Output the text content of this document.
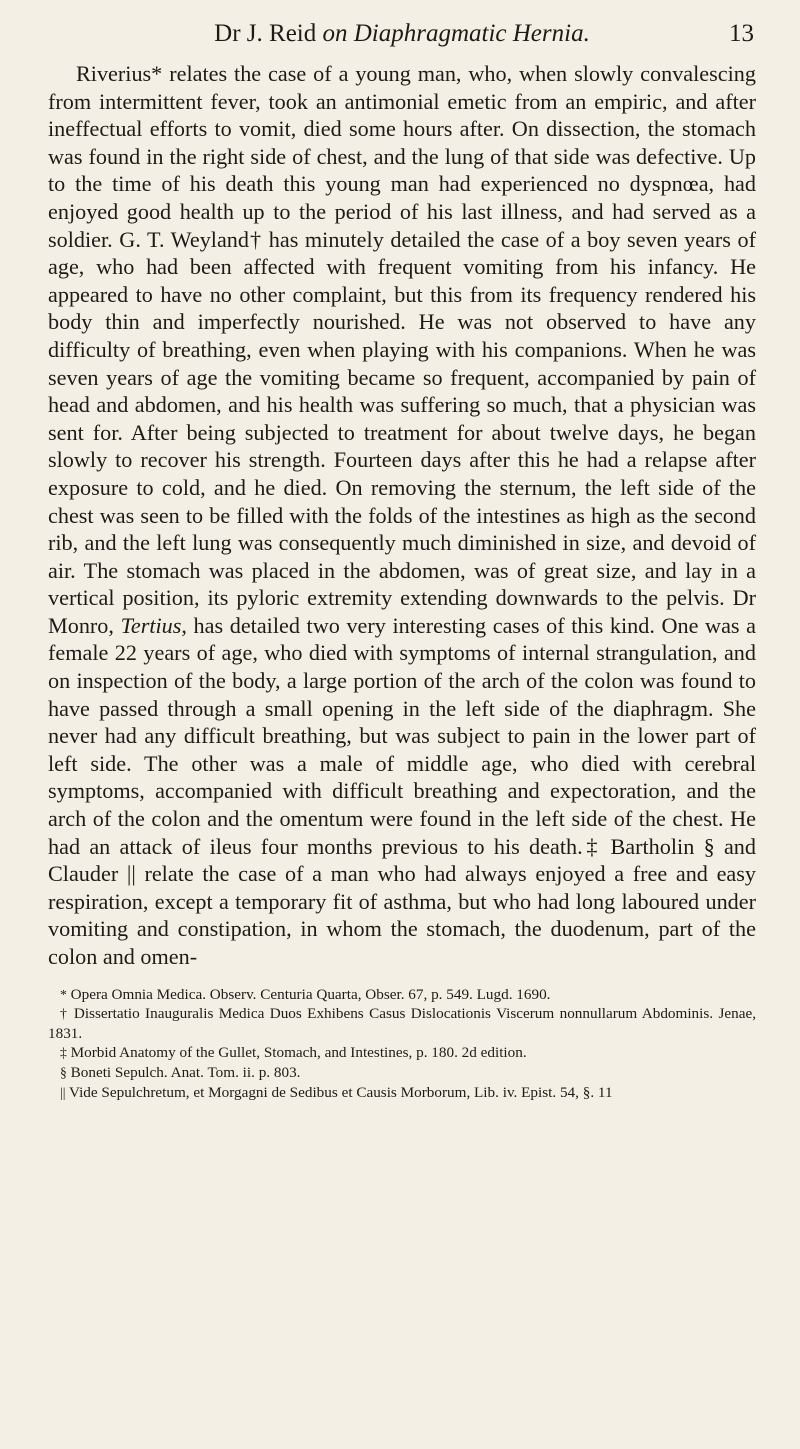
Dr J. Reid on Diaphragmatic Hernia.	13

Riverius* relates the case of a young man, who, when slowly convalescing from intermittent fever, took an antimonial emetic from an empiric, and after ineffectual efforts to vomit, died some hours after. On dissection, the stomach was found in the right side of chest, and the lung of that side was defective. Up to the time of his death this young man had experienced no dyspnœa, had enjoyed good health up to the period of his last illness, and had served as a soldier. G. T. Weyland† has minutely detailed the case of a boy seven years of age, who had been affected with frequent vomiting from his infancy. He appeared to have no other complaint, but this from its frequency rendered his body thin and imperfectly nourished. He was not observed to have any difficulty of breathing, even when playing with his companions. When he was seven years of age the vomiting became so frequent, accompanied by pain of head and abdomen, and his health was suffering so much, that a physician was sent for. After being subjected to treatment for about twelve days, he began slowly to recover his strength. Fourteen days after this he had a relapse after exposure to cold, and he died. On removing the sternum, the left side of the chest was seen to be filled with the folds of the intestines as high as the second rib, and the left lung was consequently much diminished in size, and devoid of air. The stomach was placed in the abdomen, was of great size, and lay in a vertical position, its pyloric extremity extending downwards to the pelvis. Dr Monro, Tertius, has detailed two very interesting cases of this kind. One was a female 22 years of age, who died with symptoms of internal strangulation, and on inspection of the body, a large portion of the arch of the colon was found to have passed through a small opening in the left side of the diaphragm. She never had any difficult breathing, but was subject to pain in the lower part of left side. The other was a male of middle age, who died with cerebral symptoms, accompanied with difficult breathing and expectoration, and the arch of the colon and the omentum were found in the left side of the chest. He had an attack of ileus four months previous to his death.‡ Bartholin § and Clauder || relate the case of a man who had always enjoyed a free and easy respiration, except a temporary fit of asthma, but who had long laboured under vomiting and constipation, in whom the stomach, the duodenum, part of the colon and omen-

* Opera Omnia Medica. Observ. Centuria Quarta, Obser. 67, p. 549. Lugd. 1690.

† Dissertatio Inauguralis Medica Duos Exhibens Casus Dislocationis Viscerum nonnullarum Abdominis. Jenae, 1831.

‡ Morbid Anatomy of the Gullet, Stomach, and Intestines, p. 180. 2d edition.

§ Boneti Sepulch. Anat. Tom. ii. p. 803.

|| Vide Sepulchretum, et Morgagni de Sedibus et Causis Morborum, Lib. iv. Epist. 54, §. 11
